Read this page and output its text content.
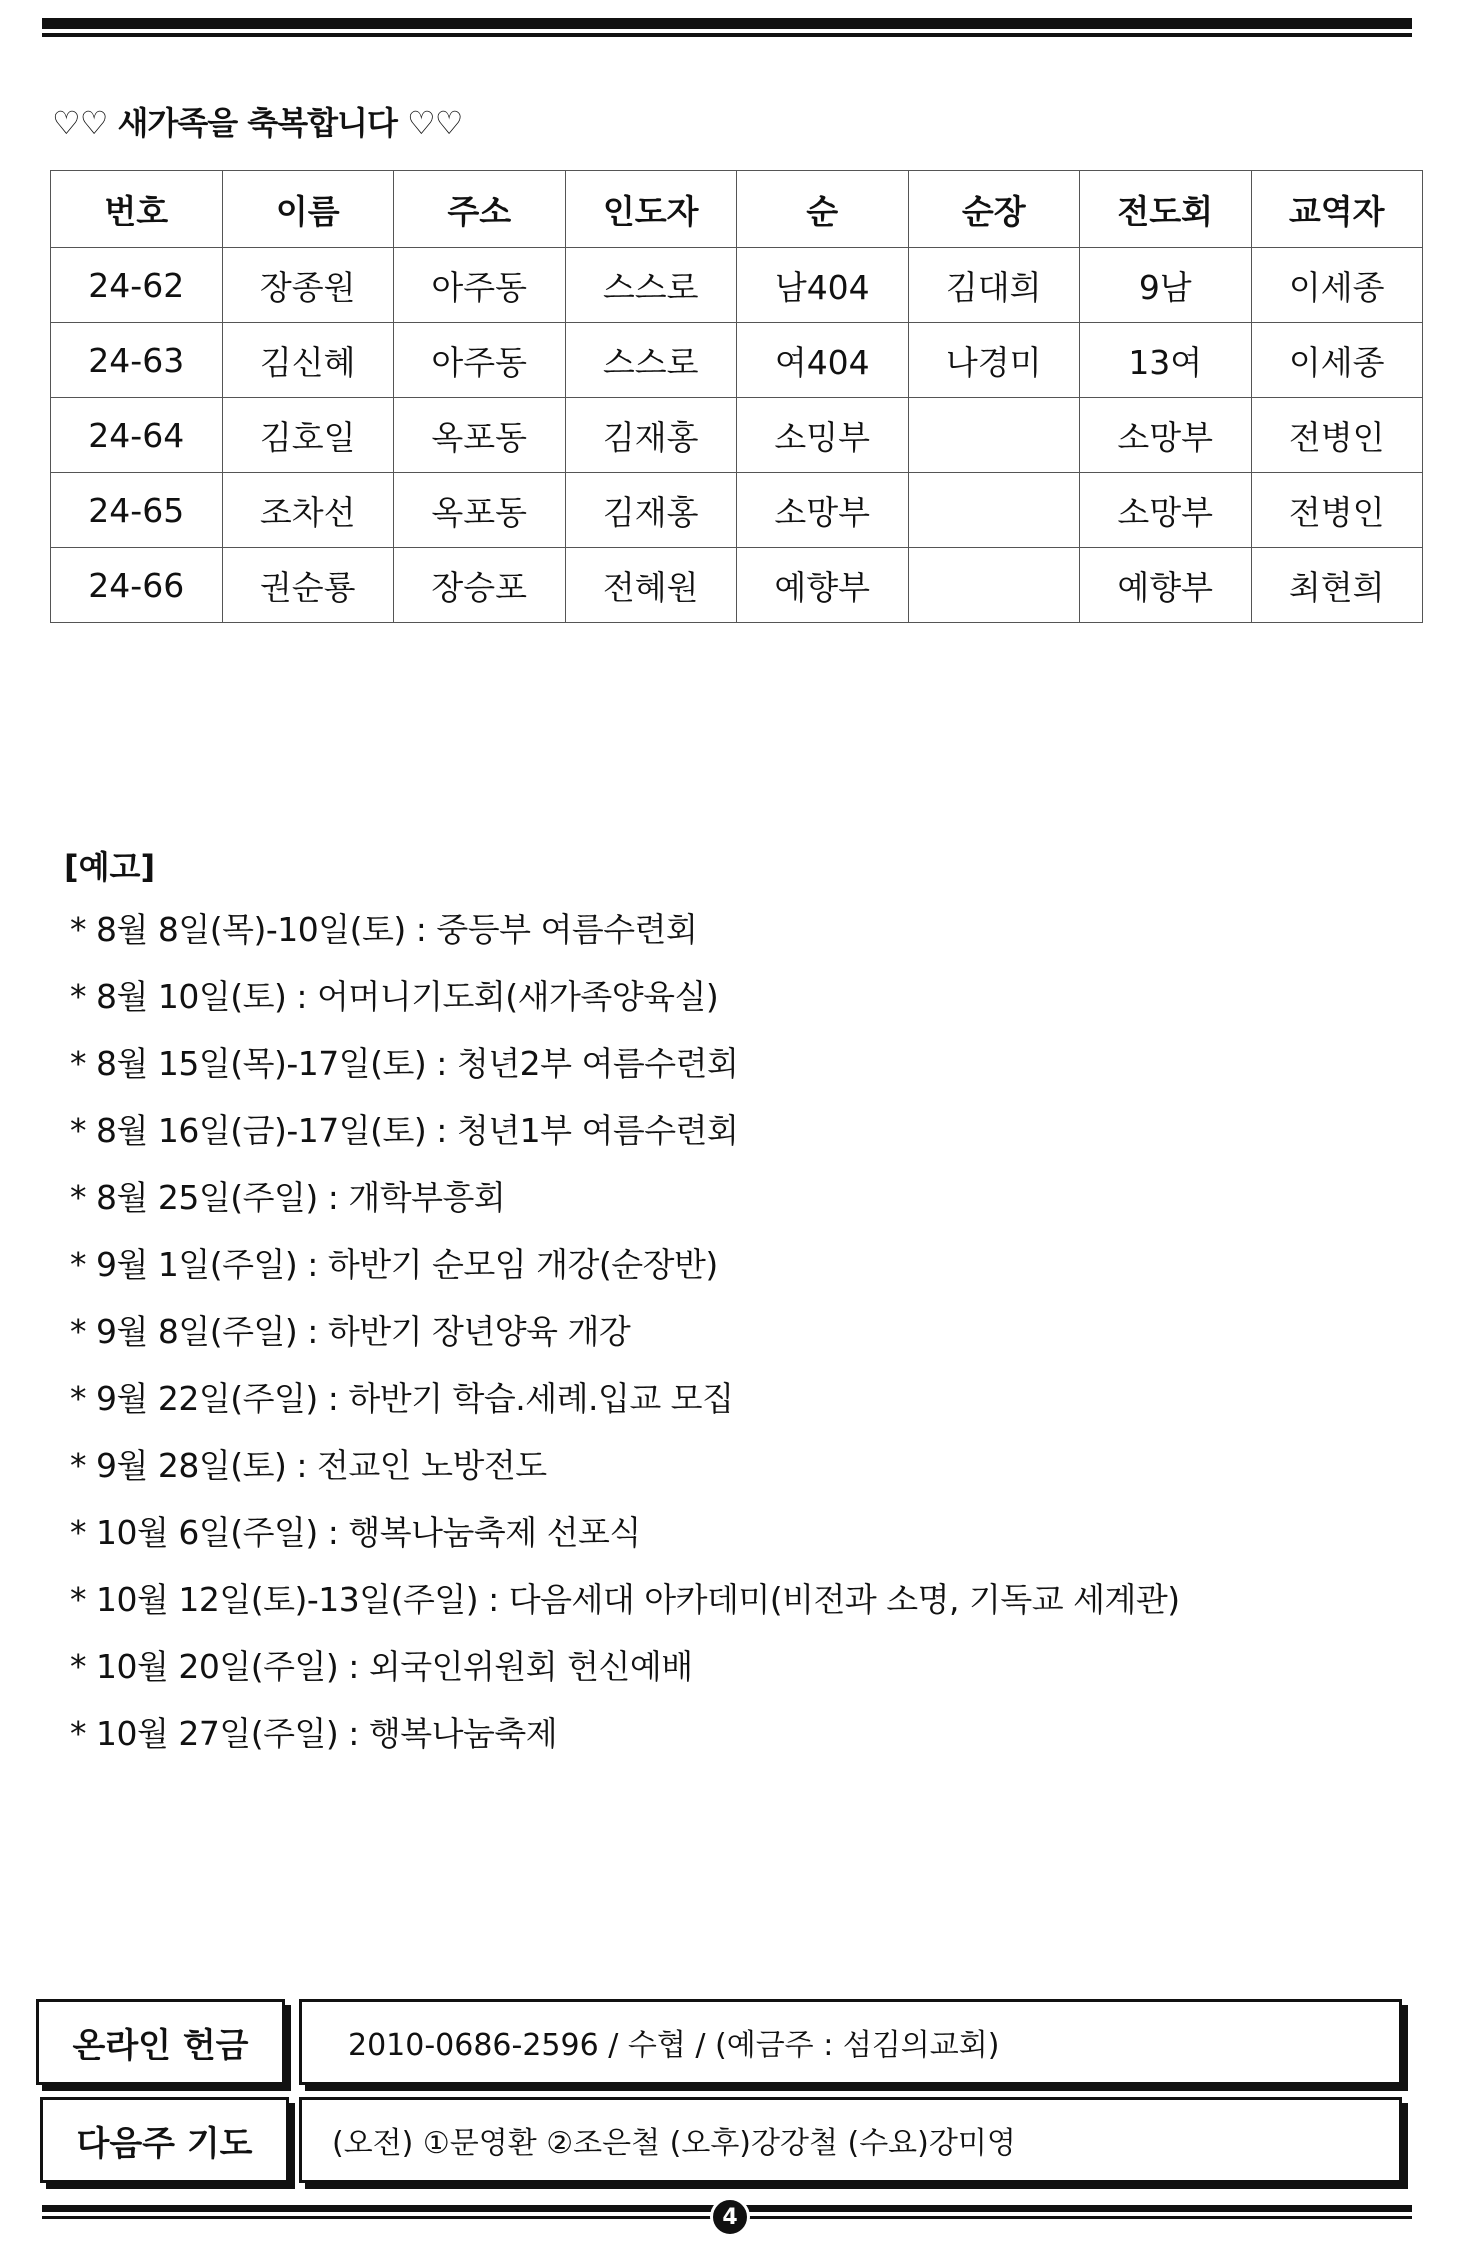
♡♡ 새가족을 축복합니다 ♡♡
번호	이름	주소	인도자	순	순장	전도회	교역자
24-62	장종원	아주동	스스로	남404	김대희	9남	이세종
24-63	김신혜	아주동	스스로	여404	나경미	13여	이세종
24-64	김호일	옥포동	김재홍	소밍부		소망부	전병인
24-65	조차선	옥포동	김재홍	소망부		소망부	전병인
24-66	권순룡	장승포	전혜원	예향부		예향부	최현희
[예고]
* 8월 8일(목)-10일(토) : 중등부 여름수련회
* 8월 10일(토) : 어머니기도회(새가족양육실)
* 8월 15일(목)-17일(토) : 청년2부 여름수련회
* 8월 16일(금)-17일(토) : 청년1부 여름수련회
* 8월 25일(주일) : 개학부흥회
* 9월 1일(주일) : 하반기 순모임 개강(순장반)
* 9월 8일(주일) : 하반기 장년양육 개강
* 9월 22일(주일) : 하반기 학습.세례.입교 모집
* 9월 28일(토) : 전교인 노방전도
* 10월 6일(주일) : 행복나눔축제 선포식
* 10월 12일(토)-13일(주일) : 다음세대 아카데미(비전과 소명, 기독교 세계관)
* 10월 20일(주일) : 외국인위원회 헌신예배
* 10월 27일(주일) : 행복나눔축제
온라인 헌금	2010-0686-2596 / 수협 / (예금주 : 섬김의교회)
다음주 기도	(오전) ①문영환 ②조은철 (오후)강강철 (수요)강미영
4
